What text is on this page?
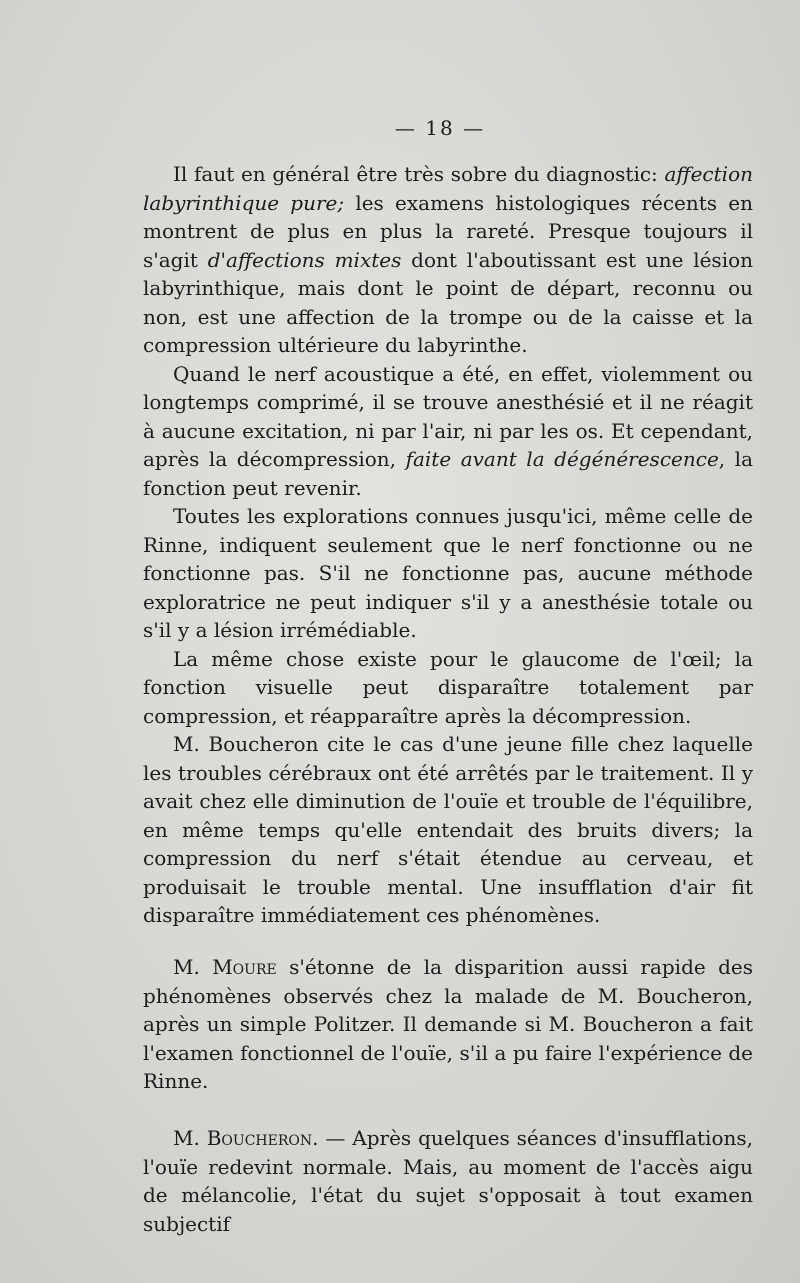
— 18 —

Il faut en général être très sobre du diagnostic: affection labyrinthique pure; les examens histologiques récents en montrent de plus en plus la rareté. Presque toujours il s'agit d'affections mixtes dont l'aboutissant est une lésion labyrinthique, mais dont le point de départ, reconnu ou non, est une affection de la trompe ou de la caisse et la compression ultérieure du labyrinthe.

Quand le nerf acoustique a été, en effet, violemment ou longtemps comprimé, il se trouve anesthésié et il ne réagit à aucune excitation, ni par l'air, ni par les os. Et cependant, après la décompression, faite avant la dégénérescence, la fonction peut revenir.

Toutes les explorations connues jusqu'ici, même celle de Rinne, indiquent seulement que le nerf fonctionne ou ne fonctionne pas. S'il ne fonctionne pas, aucune méthode exploratrice ne peut indiquer s'il y a anesthésie totale ou s'il y a lésion irrémédiable.

La même chose existe pour le glaucome de l'œil; la fonction visuelle peut disparaître totalement par compression, et réapparaître après la décompression.

M. Boucheron cite le cas d'une jeune fille chez laquelle les troubles cérébraux ont été arrêtés par le traitement. Il y avait chez elle diminution de l'ouïe et trouble de l'équilibre, en même temps qu'elle entendait des bruits divers; la compression du nerf s'était étendue au cerveau, et produisait le trouble mental. Une insufflation d'air fit disparaître immédiatement ces phénomènes.

M. Moure s'étonne de la disparition aussi rapide des phénomènes observés chez la malade de M. Boucheron, après un simple Politzer. Il demande si M. Boucheron a fait l'examen fonctionnel de l'ouïe, s'il a pu faire l'expérience de Rinne.

M. Boucheron. — Après quelques séances d'insufflations, l'ouïe redevint normale. Mais, au moment de l'accès aigu de mélancolie, l'état du sujet s'opposait à tout examen subjectif
